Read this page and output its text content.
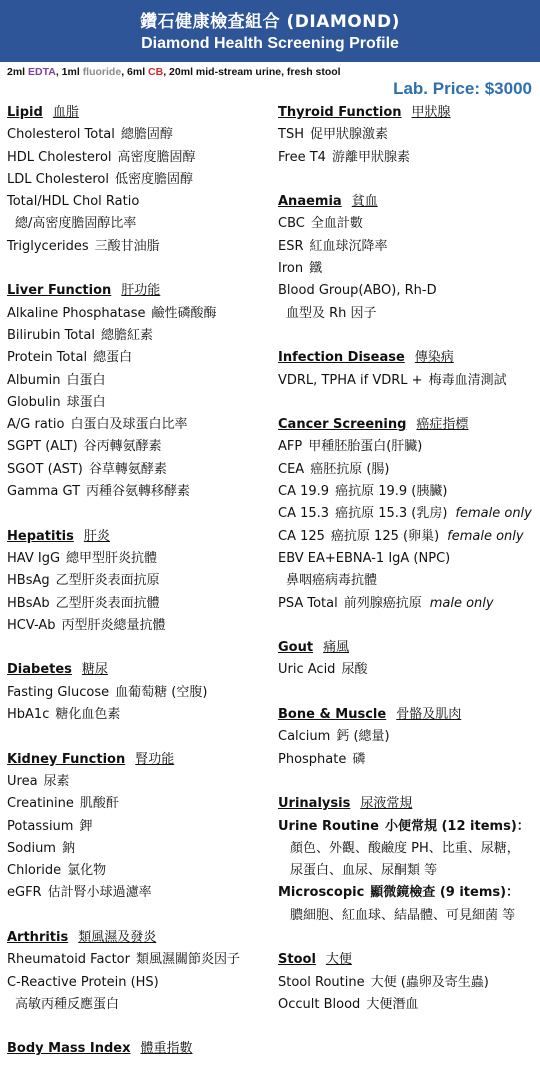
鑽石健康檢查組合 (DIAMOND)
Diamond Health Screening Profile
2ml EDTA, 1ml fluoride, 6ml CB, 20ml mid-stream urine, fresh stool
Lab. Price: $3000
Lipid 血脂
Cholesterol Total 總膽固醇
HDL Cholesterol 高密度膽固醇
LDL Cholesterol 低密度膽固醇
Total/HDL Chol Ratio
總/高密度膽固醇比率
Triglycerides 三酸甘油脂
Liver Function 肝功能
Alkaline Phosphatase 鹼性磷酸酶
Bilirubin Total 總膽紅素
Protein Total 總蛋白
Albumin 白蛋白
Globulin 球蛋白
A/G ratio 白蛋白及球蛋白比率
SGPT (ALT) 谷丙轉氨酵素
SGOT (AST) 谷草轉氨酵素
Gamma GT 丙種谷氨轉移酵素
Hepatitis 肝炎
HAV IgG 總甲型肝炎抗體
HBsAg 乙型肝炎表面抗原
HBsAb 乙型肝炎表面抗體
HCV-Ab 丙型肝炎總量抗體
Diabetes 糖尿
Fasting Glucose 血葡萄糖 (空腹)
HbA1c 糖化血色素
Kidney Function 腎功能
Urea 尿素
Creatinine 肌酸酐
Potassium 鉀
Sodium 鈉
Chloride 氯化物
eGFR 估計腎小球過濾率
Arthritis 類風濕及發炎
Rheumatoid Factor 類風濕關節炎因子
C-Reactive Protein (HS)
高敏丙種反應蛋白
Body Mass Index 體重指數
Thyroid Function 甲狀腺
TSH 促甲狀腺激素
Free T4 游離甲狀腺素
Anaemia 貧血
CBC 全血計數
ESR 紅血球沉降率
Iron 鐵
Blood Group(ABO), Rh-D
血型及 Rh 因子
Infection Disease 傳染病
VDRL, TPHA if VDRL + 梅毒血清測試
Cancer Screening 癌症指標
AFP 甲種胚胎蛋白(肝臟)
CEA 癌胚抗原 (腸)
CA 19.9 癌抗原 19.9 (胰臟)
CA 15.3 癌抗原 15.3 (乳房) female only
CA 125 癌抗原 125 (卵巢) female only
EBV EA+EBNA-1 IgA (NPC)
鼻咽癌病毒抗體
PSA Total 前列腺癌抗原 male only
Gout 痛風
Uric Acid 尿酸
Bone & Muscle 骨骼及肌肉
Calcium 鈣 (總量)
Phosphate 磷
Urinalysis 尿液常規
Urine Routine 小便常規 (12 items)：
顏色、外觀、酸鹼度 PH、比重、尿糖，
尿蛋白、血尿、尿酮類 等
Microscopic 顯微鏡檢查 (9 items)：
膿細胞、紅血球、結晶體、可見細菌 等
Stool 大便
Stool Routine 大便 (蟲卵及寄生蟲)
Occult Blood 大便潛血
